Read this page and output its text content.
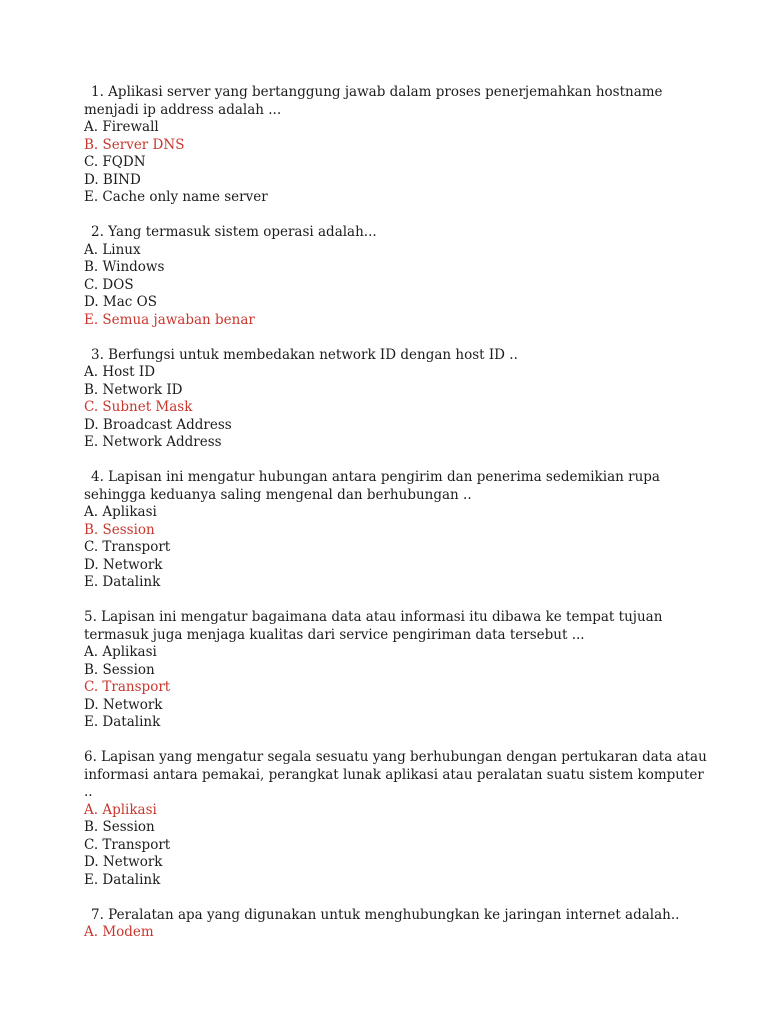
1. Aplikasi server yang bertanggung jawab dalam proses penerjemahkan hostname menjadi ip address adalah ...

A. Firewall

B. Server DNS

C. FQDN

D. BIND

E. Cache only name server

2. Yang termasuk sistem operasi adalah...

A. Linux

B. Windows

C. DOS

D. Mac OS

E. Semua jawaban benar

3. Berfungsi untuk membedakan network ID dengan host ID ..

A. Host ID

B. Network ID

C. Subnet Mask

D. Broadcast Address

E. Network Address

4. Lapisan ini mengatur hubungan antara pengirim dan penerima sedemikian rupa sehingga keduanya saling mengenal dan berhubungan ..

A. Aplikasi

B. Session

C. Transport

D. Network

E. Datalink

5. Lapisan ini mengatur bagaimana data atau informasi itu dibawa ke tempat tujuan termasuk juga menjaga kualitas dari service pengiriman data tersebut ...

A. Aplikasi

B. Session

C. Transport

D. Network

E. Datalink

6. Lapisan yang mengatur segala sesuatu yang berhubungan dengan pertukaran data atau informasi antara pemakai, perangkat lunak aplikasi atau peralatan suatu sistem komputer ..

A. Aplikasi

B. Session

C. Transport

D. Network

E. Datalink

7. Peralatan apa yang digunakan untuk menghubungkan ke jaringan internet adalah..

A. Modem
